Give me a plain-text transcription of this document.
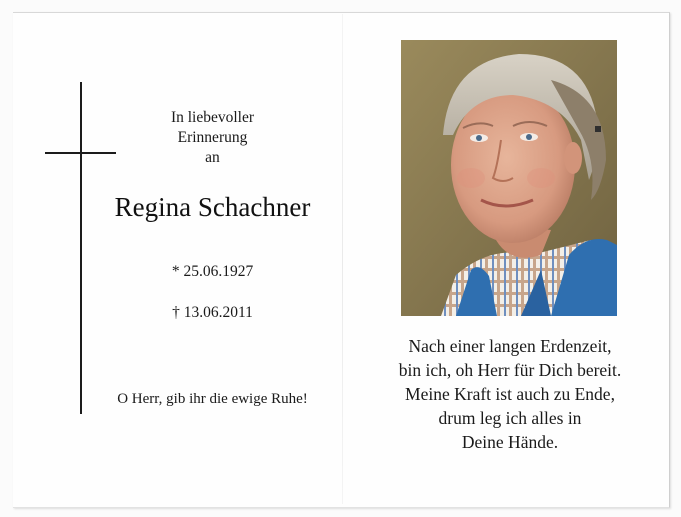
In liebevoller
Erinnerung
an
Regina Schachner
* 25.06.1927
† 13.06.2011
O Herr, gib ihr die ewige Ruhe!
Nach einer langen Erdenzeit,
bin ich, oh Herr für Dich bereit.
Meine Kraft ist auch zu Ende,
drum leg ich alles in
Deine Hände.
